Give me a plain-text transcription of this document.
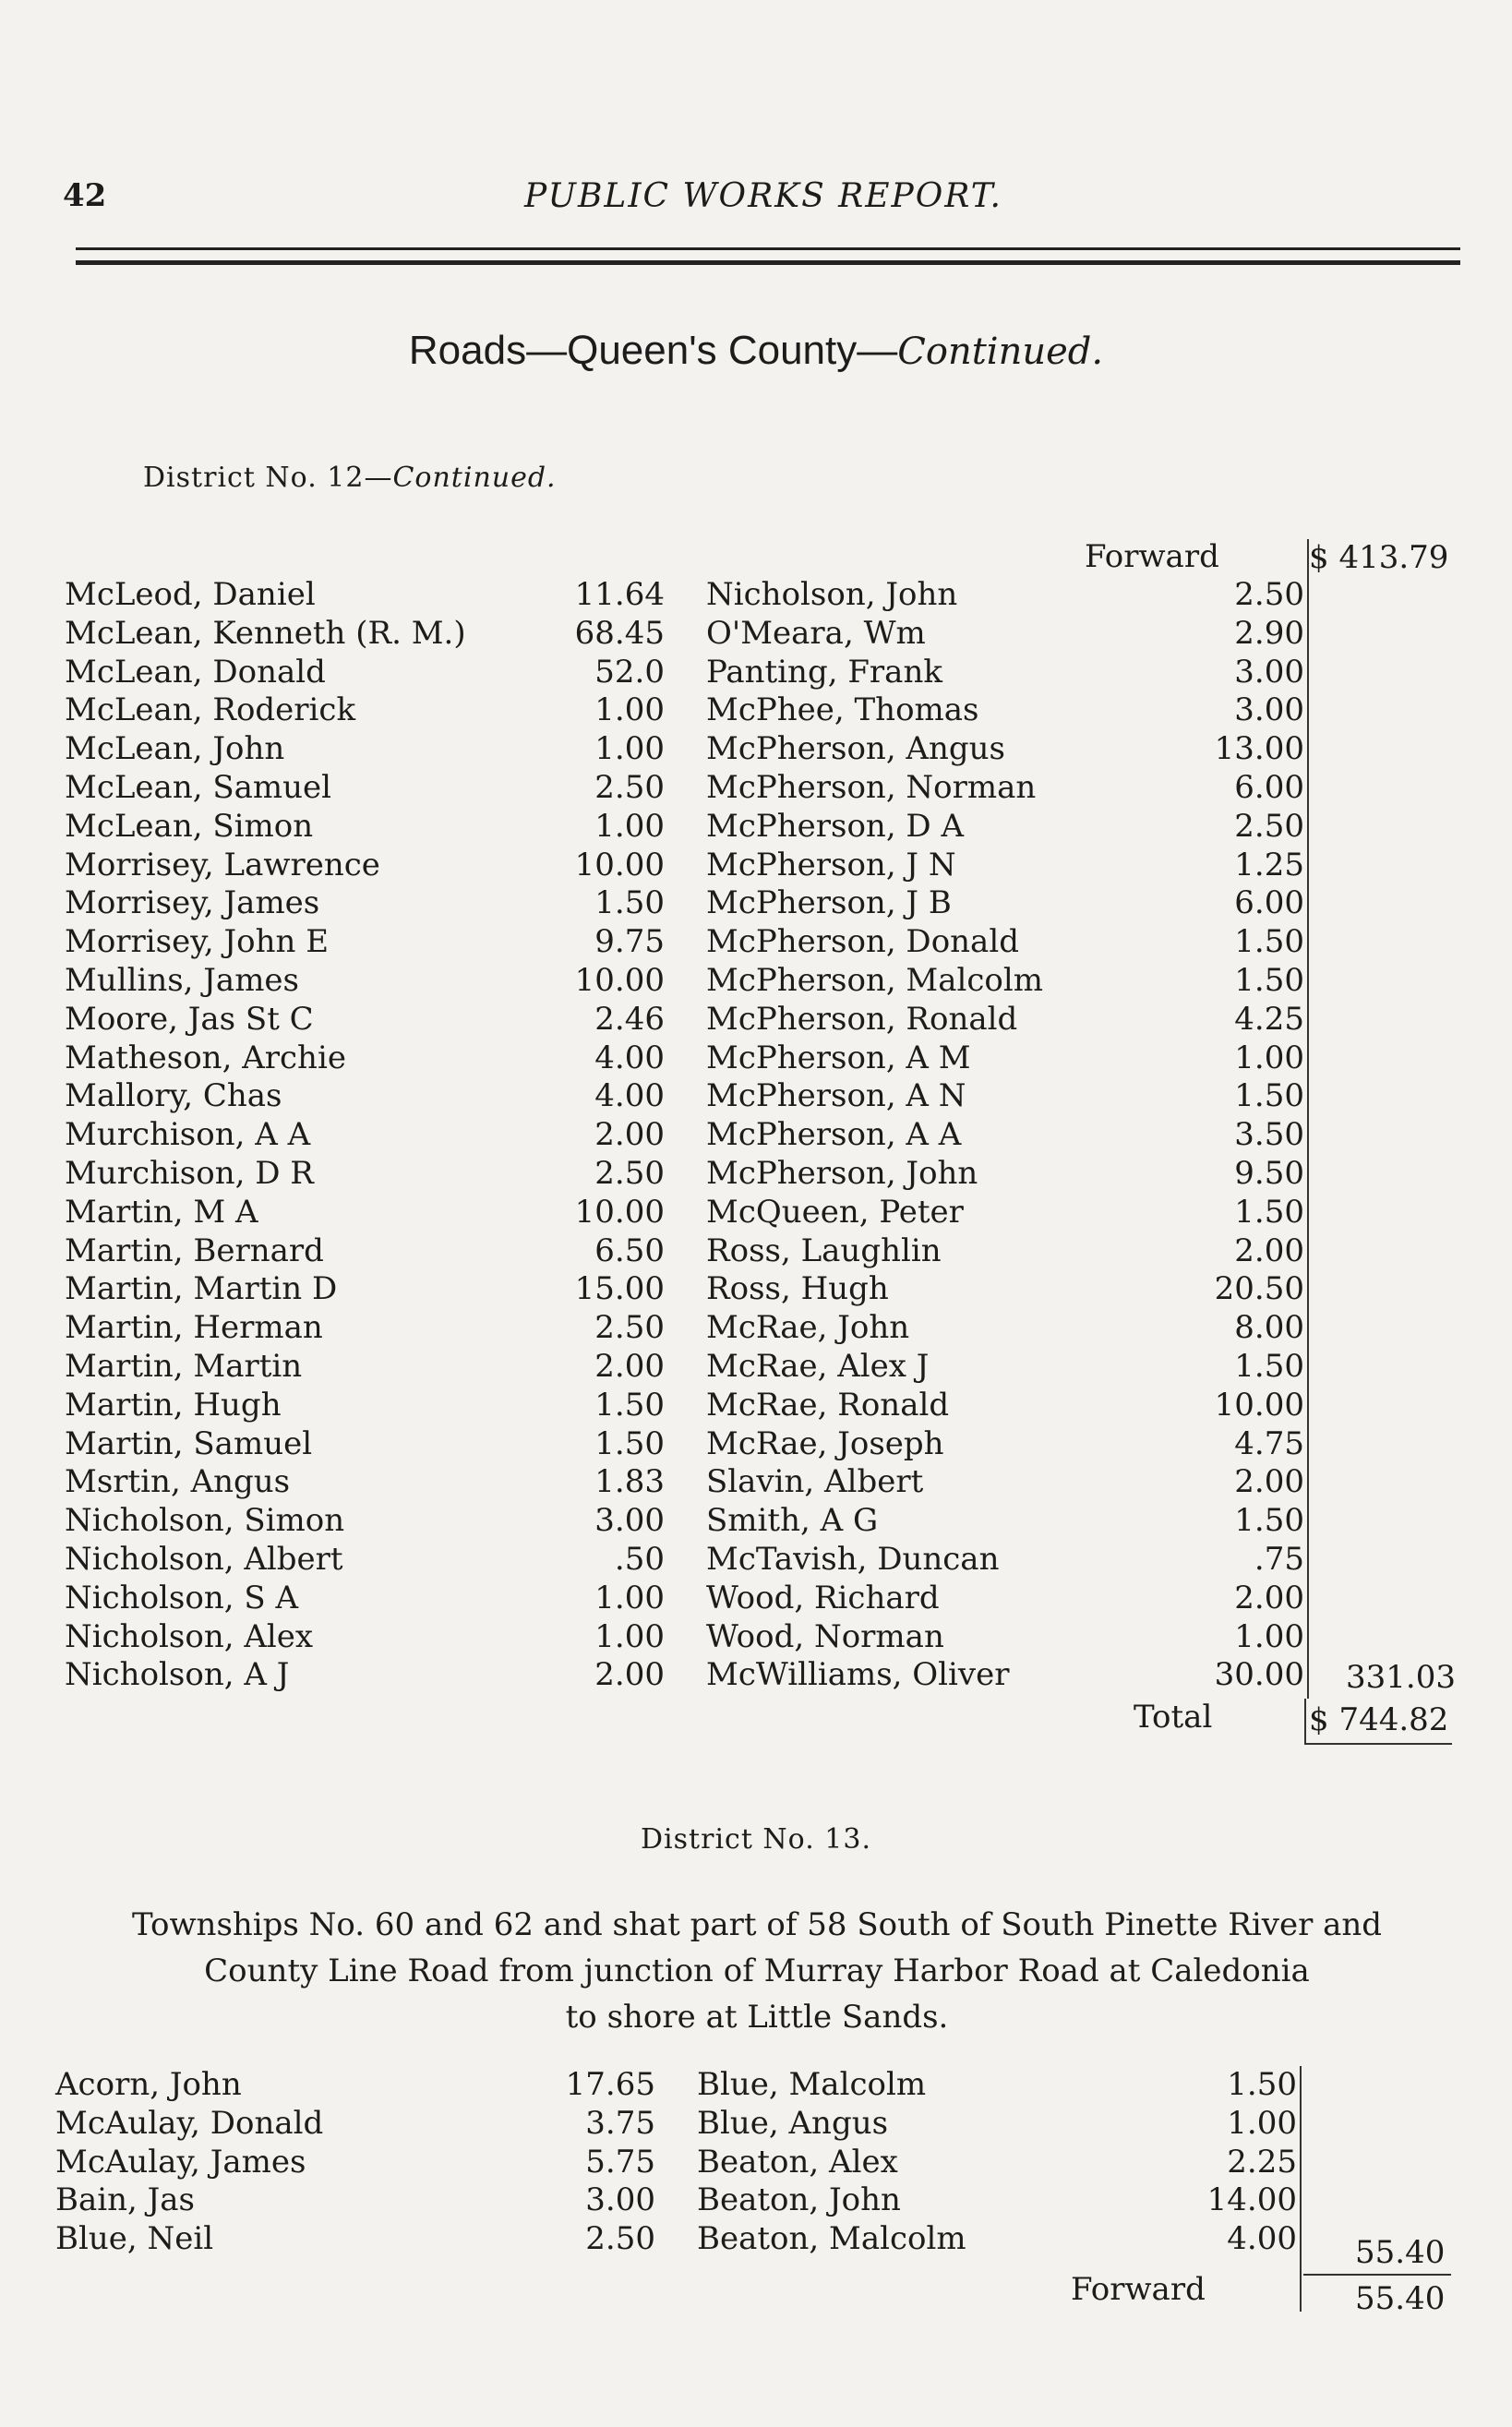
42	PUBLIC WORKS REPORT.
Roads—Queen's County—Continued.
District No. 12—Continued.
Forward	$ 413.79
McLeod, Daniel	11.64
McLean, Kenneth (R. M.)	68.45
McLean, Donald	52.0
McLean, Roderick	1.00
McLean, John	1.00
McLean, Samuel	2.50
McLean, Simon	1.00
Morrisey, Lawrence	10.00
Morrisey, James	1.50
Morrisey, John E	9.75
Mullins, James	10.00
Moore, Jas St C	2.46
Matheson, Archie	4.00
Mallory, Chas	4.00
Murchison, A A	2.00
Murchison, D R	2.50
Martin, M A	10.00
Martin, Bernard	6.50
Martin, Martin D	15.00
Martin, Herman	2.50
Martin, Martin	2.00
Martin, Hugh	1.50
Martin, Samuel	1.50
Msrtin, Angus	1.83
Nicholson, Simon	3.00
Nicholson, Albert	.50
Nicholson, S A	1.00
Nicholson, Alex	1.00
Nicholson, A J	2.00
Nicholson, John	2.50
O'Meara, Wm	2.90
Panting, Frank	3.00
McPhee, Thomas	3.00
McPherson, Angus	13.00
McPherson, Norman	6.00
McPherson, D A	2.50
McPherson, J N	1.25
McPherson, J B	6.00
McPherson, Donald	1.50
McPherson, Malcolm	1.50
McPherson, Ronald	4.25
McPherson, A M	1.00
McPherson, A N	1.50
McPherson, A A	3.50
McPherson, John	9.50
McQueen, Peter	1.50
Ross, Laughlin	2.00
Ross, Hugh	20.50
McRae, John	8.00
McRae, Alex J	1.50
McRae, Ronald	10.00
McRae, Joseph	4.75
Slavin, Albert	2.00
Smith, A G	1.50
McTavish, Duncan	.75
Wood, Richard	2.00
Wood, Norman	1.00
McWilliams, Oliver	30.00 331.03
Total	$ 744.82
District No. 13.
Townships No. 60 and 62 and shat part of 58 South of South Pinette River and
County Line Road from junction of Murray Harbor Road at Caledonia
to shore at Little Sands.
Acorn, John	17.65
McAulay, Donald	3.75
McAulay, James	5.75
Bain, Jas	3.00
Blue, Neil	2.50
Blue, Malcolm	1.50
Blue, Angus	1.00
Beaton, Alex	2.25
Beaton, John	14.00
Beaton, Malcolm	4.00 55.40
Forward	55.40
